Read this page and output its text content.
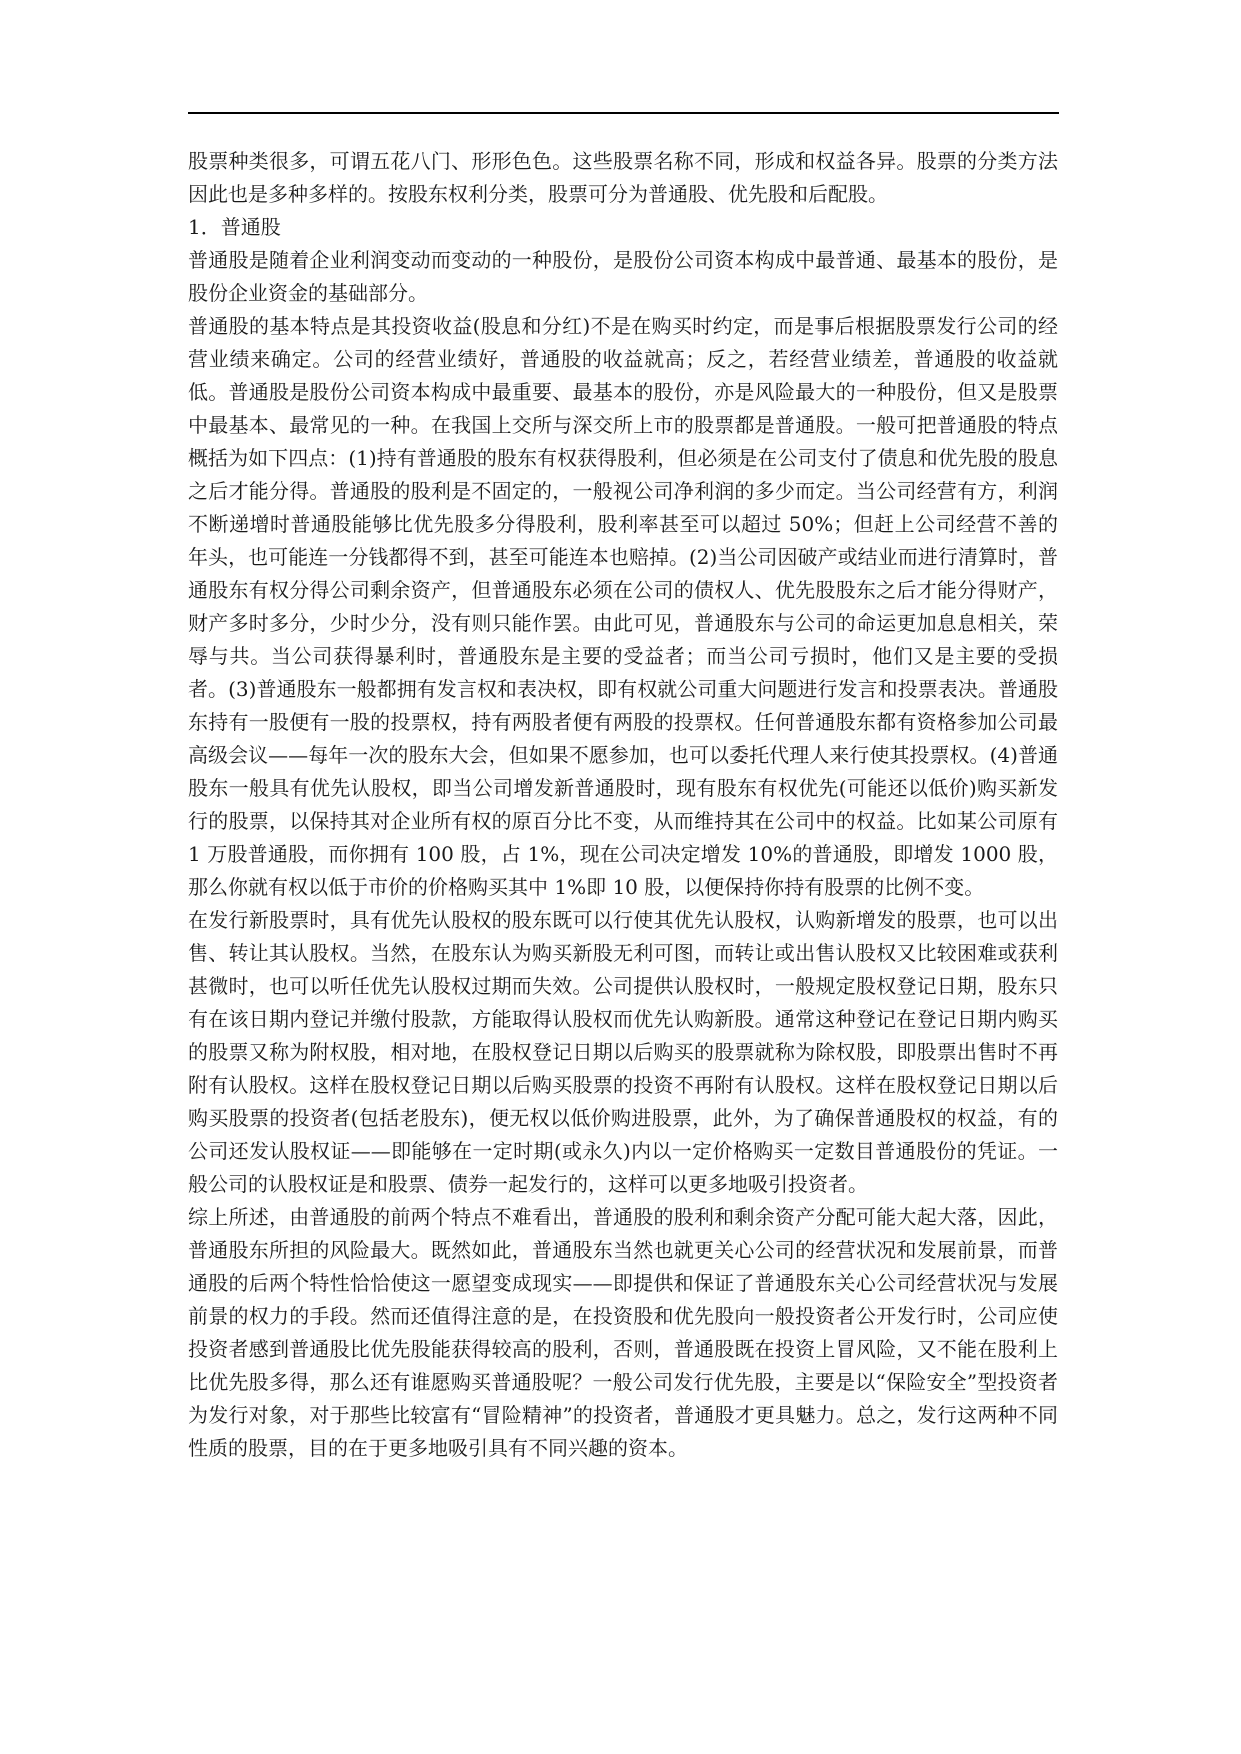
股票种类很多，可谓五花八门、形形色色。这些股票名称不同，形成和权益各异。股票的分类方法因此也是多种多样的。按股东权利分类，股票可分为普通股、优先股和后配股。

1．普通股

普通股是随着企业利润变动而变动的一种股份，是股份公司资本构成中最普通、最基本的股份，是股份企业资金的基础部分。

普通股的基本特点是其投资收益(股息和分红)不是在购买时约定，而是事后根据股票发行公司的经营业绩来确定。公司的经营业绩好，普通股的收益就高；反之，若经营业绩差，普通股的收益就低。普通股是股份公司资本构成中最重要、最基本的股份，亦是风险最大的一种股份，但又是股票中最基本、最常见的一种。在我国上交所与深交所上市的股票都是普通股。一般可把普通股的特点概括为如下四点：(1)持有普通股的股东有权获得股利，但必须是在公司支付了债息和优先股的股息之后才能分得。普通股的股利是不固定的，一般视公司净利润的多少而定。当公司经营有方，利润不断递增时普通股能够比优先股多分得股利，股利率甚至可以超过 50%；但赶上公司经营不善的年头，也可能连一分钱都得不到，甚至可能连本也赔掉。(2)当公司因破产或结业而进行清算时，普通股东有权分得公司剩余资产，但普通股东必须在公司的债权人、优先股股东之后才能分得财产，财产多时多分，少时少分，没有则只能作罢。由此可见，普通股东与公司的命运更加息息相关，荣辱与共。当公司获得暴利时，普通股东是主要的受益者；而当公司亏损时，他们又是主要的受损者。(3)普通股东一般都拥有发言权和表决权，即有权就公司重大问题进行发言和投票表决。普通股东持有一股便有一股的投票权，持有两股者便有两股的投票权。任何普通股东都有资格参加公司最高级会议——每年一次的股东大会，但如果不愿参加，也可以委托代理人来行使其投票权。(4)普通股东一般具有优先认股权，即当公司增发新普通股时，现有股东有权优先(可能还以低价)购买新发行的股票，以保持其对企业所有权的原百分比不变，从而维持其在公司中的权益。比如某公司原有 1 万股普通股，而你拥有 100 股，占 1%，现在公司决定增发 10%的普通股，即增发 1000 股，那么你就有权以低于市价的价格购买其中 1%即 10 股，以便保持你持有股票的比例不变。

在发行新股票时，具有优先认股权的股东既可以行使其优先认股权，认购新增发的股票，也可以出售、转让其认股权。当然，在股东认为购买新股无利可图，而转让或出售认股权又比较困难或获利甚微时，也可以听任优先认股权过期而失效。公司提供认股权时，一般规定股权登记日期，股东只有在该日期内登记并缴付股款，方能取得认股权而优先认购新股。通常这种登记在登记日期内购买的股票又称为附权股，相对地，在股权登记日期以后购买的股票就称为除权股，即股票出售时不再附有认股权。这样在股权登记日期以后购买股票的投资不再附有认股权。这样在股权登记日期以后购买股票的投资者(包括老股东)，便无权以低价购进股票，此外，为了确保普通股权的权益，有的公司还发认股权证——即能够在一定时期(或永久)内以一定价格购买一定数目普通股份的凭证。一般公司的认股权证是和股票、债券一起发行的，这样可以更多地吸引投资者。

综上所述，由普通股的前两个特点不难看出，普通股的股利和剩余资产分配可能大起大落，因此，普通股东所担的风险最大。既然如此，普通股东当然也就更关心公司的经营状况和发展前景，而普通股的后两个特性恰恰使这一愿望变成现实——即提供和保证了普通股东关心公司经营状况与发展前景的权力的手段。然而还值得注意的是，在投资股和优先股向一般投资者公开发行时，公司应使投资者感到普通股比优先股能获得较高的股利，否则，普通股既在投资上冒风险，又不能在股利上比优先股多得，那么还有谁愿购买普通股呢？一般公司发行优先股，主要是以“保险安全”型投资者为发行对象，对于那些比较富有“冒险精神”的投资者，普通股才更具魅力。总之，发行这两种不同性质的股票，目的在于更多地吸引具有不同兴趣的资本。
